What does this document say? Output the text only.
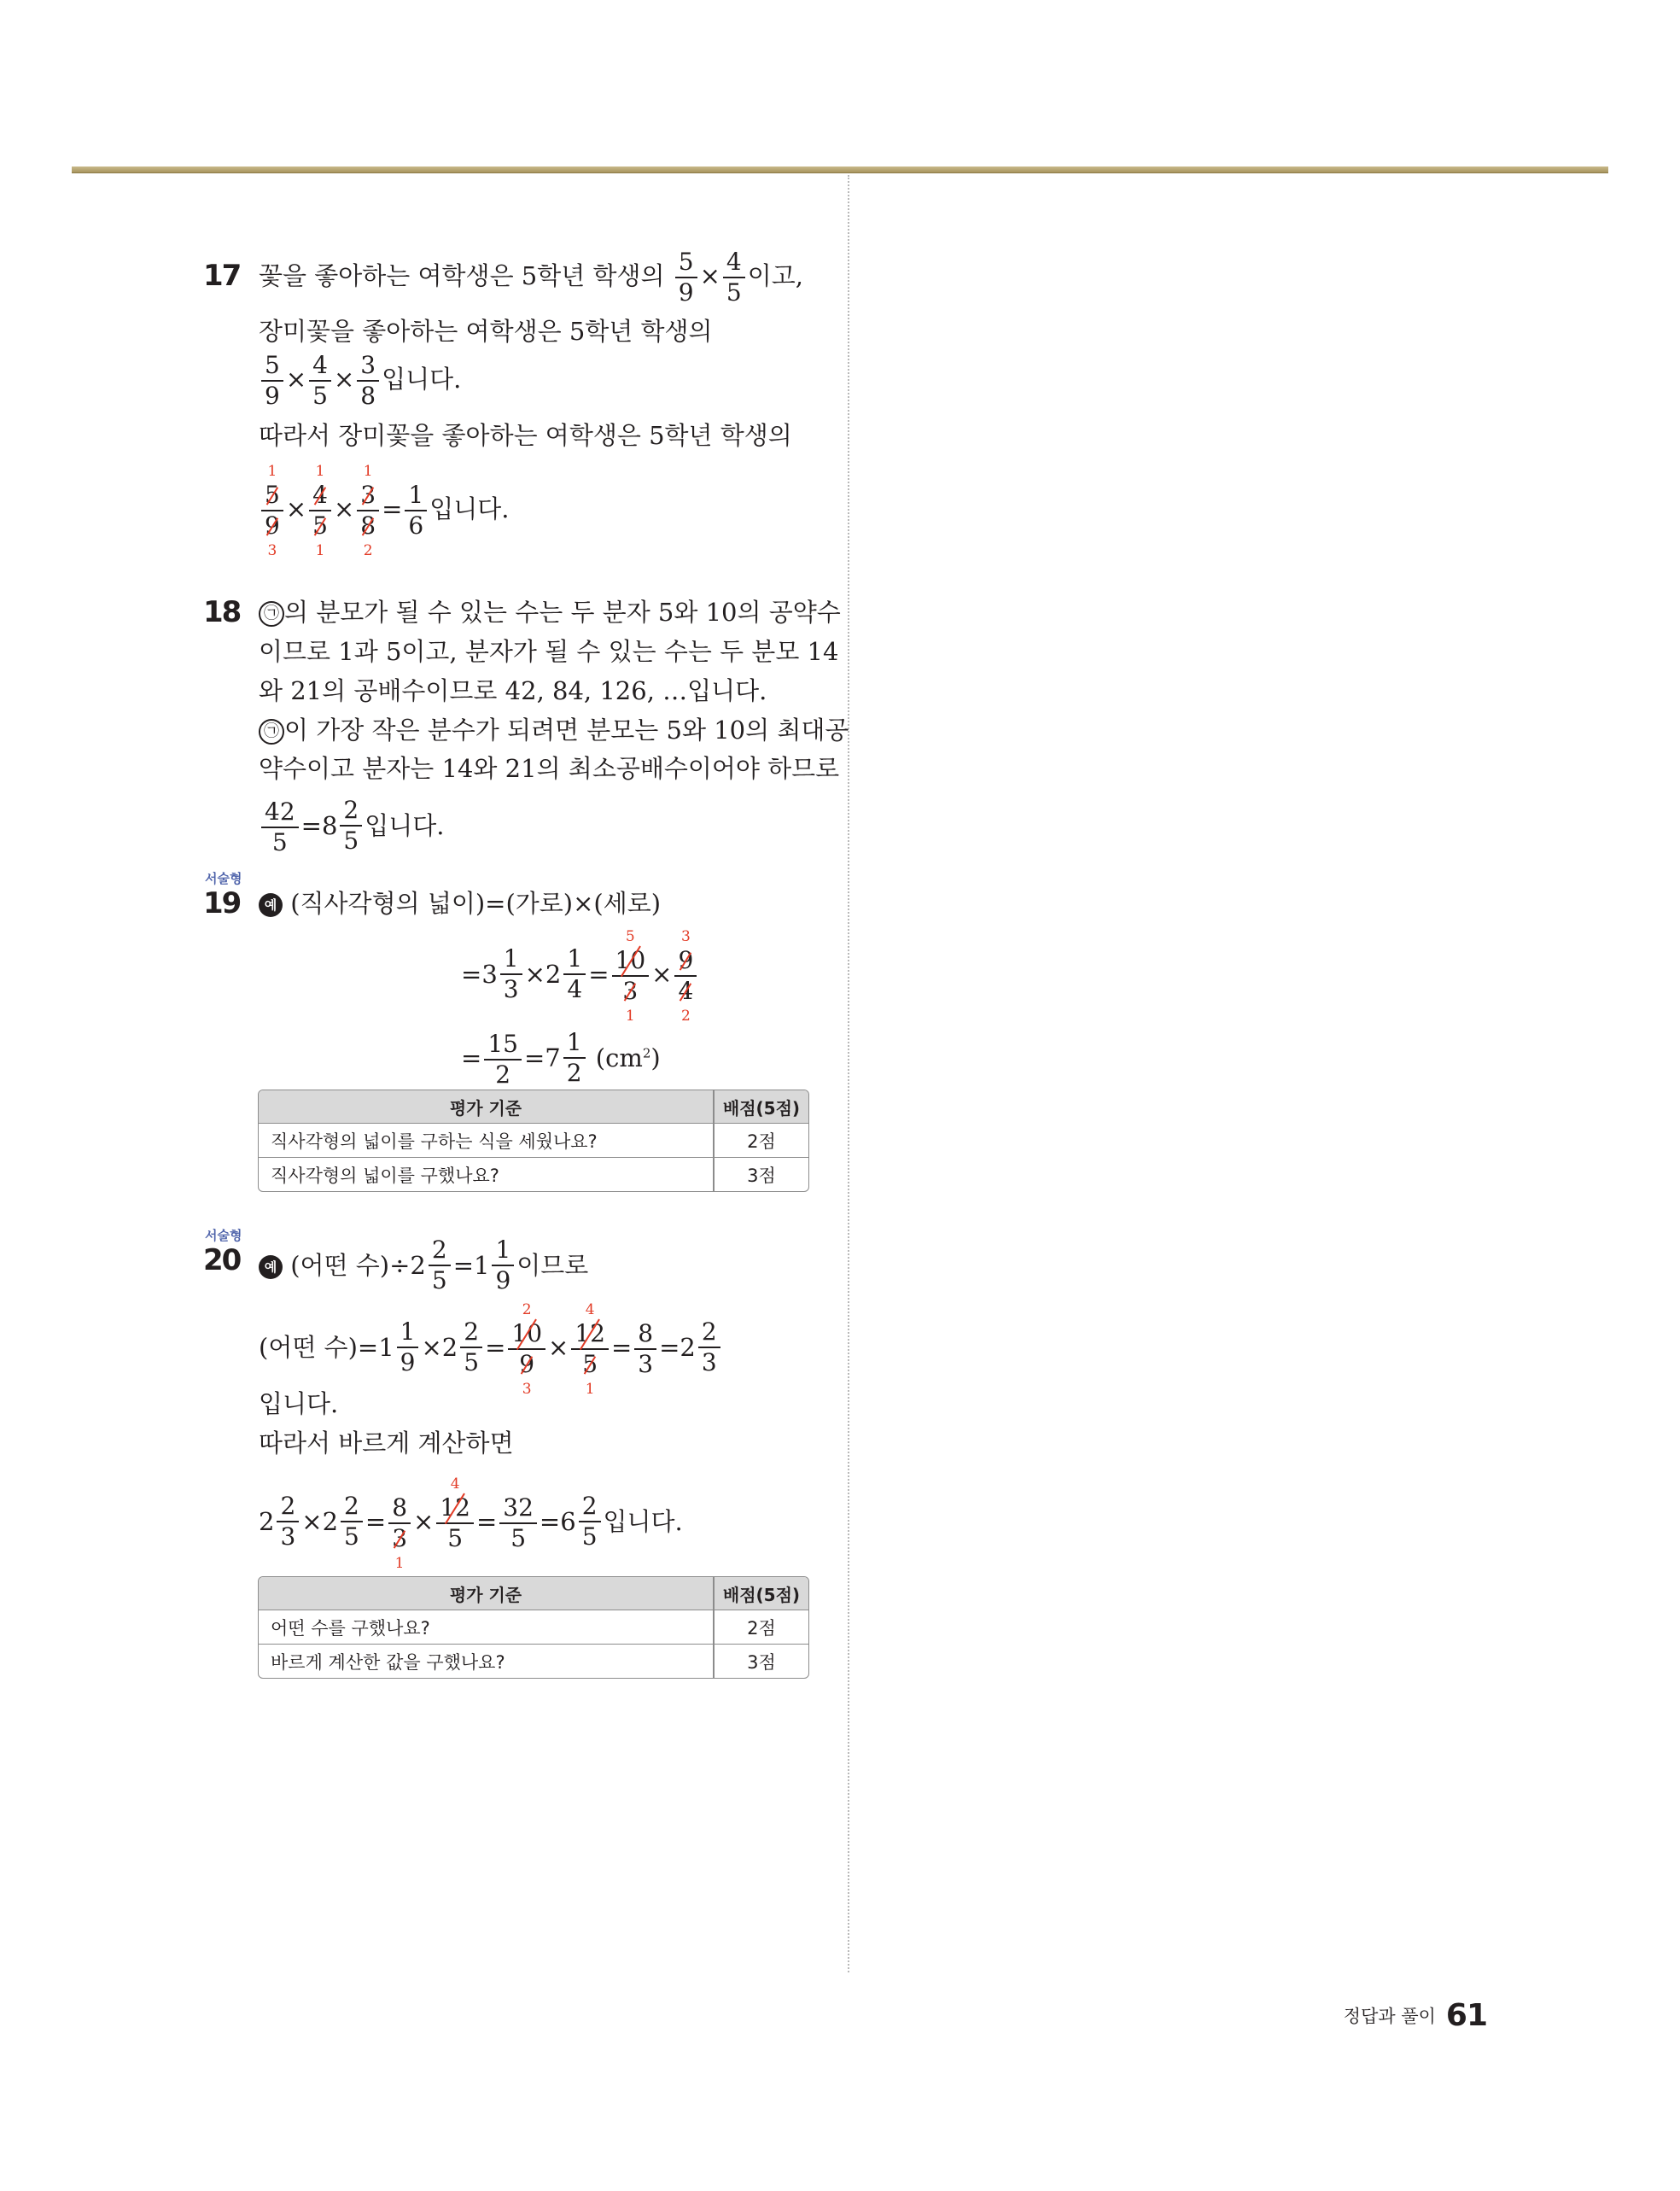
17 꽃을 좋아하는 여학생은 5학년 학생의 $\frac{5}{9} \times \frac{4}{5}$ 이고,
장미꽃을 좋아하는 여학생은 5학년 학생의
$\frac{5}{9} \times \frac{4}{5} \times \frac{3}{8}$ 입니다.
따라서 장미꽃을 좋아하는 여학생은 5학년 학생의
5
1
9
3 × 4
1
5
1 × 3
1
8
$2 = \frac{1}{6}$ 입니다.
18	㉠ 의 분모가 될 수 있는 수는 두 분자 5와 10의 공약수
이므로 1과 5이고, 분자가 될 수 있는 수는 두 분모 14
와 21의 공배수이므로 42, 84, 126, …입니다.
㉠ 이 가장 작은 분수가 되려면 분모는 5와 10의 최대공
약수이고 분자는 14와 21의 최소공배수이어야 하므로
$\frac{42}{5} = 8 \frac{2}{5}$ 입니다.
서술형
19	예 (직사각형의 넓이)=(가로)×(세로)
= $3 \frac{1}{3} \times 2 \frac{1}{4} = 10$
5
3
1 × 9
3
4
2
= $\frac{15}{2} = 7 \frac{1}{2} (cm^2)$
평가 기준	배점(5점)
직사각형의 넓이를 구하는 식을 세웠나요?	2점
직사각형의 넓이를 구했나요?	3점
서술형
20	예 (어떤 수)÷ $2 \frac{2}{5} = 1 \frac{1}{9}$ 이므로
(어떤 수)= $1 \frac{1}{9} \times 2 \frac{2}{5} = 10$
2
9
3 × 12
4
5
$1 = \frac{8}{3} = 2 \frac{2}{3}$
입니다.
따라서 바르게 계산하면
$2 \frac{2}{3} \times 2 \frac{2}{5} = 8$
3
1 × 12
4
$5 = \frac{32}{5} = 6 \frac{2}{5}$ 입니다.
평가 기준	배점(5점)
어떤 수를 구했나요?	2점
바르게 계산한 값을 구했나요?	3점
정답과 풀이 61
